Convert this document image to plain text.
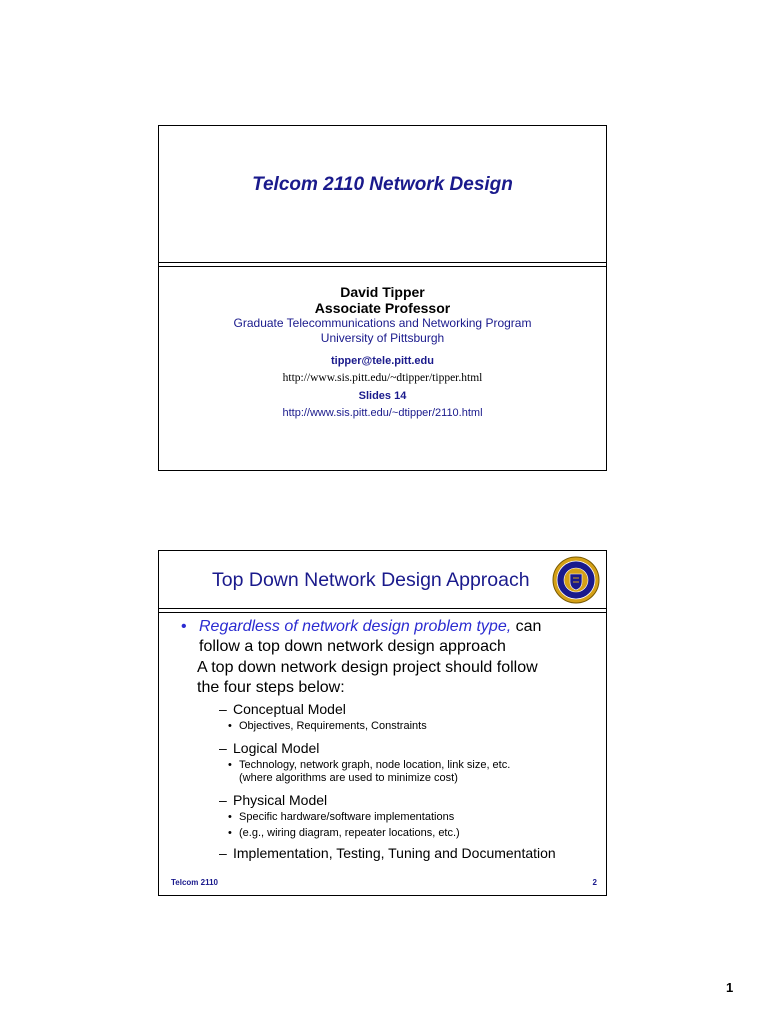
Telcom 2110 Network Design
David Tipper
Associate Professor
Graduate Telecommunications and Networking Program
University of Pittsburgh
tipper@tele.pitt.edu
http://www.sis.pitt.edu/~dtipper/tipper.html
Slides 14
http://www.sis.pitt.edu/~dtipper/2110.html
Top Down Network Design Approach
• Regardless of network design problem type, can
follow a top down network design approach
A top down network design project should follow
the four steps below:
– Conceptual Model
• Objectives, Requirements, Constraints
– Logical Model
• Technology, network graph, node location, link size, etc.
(where algorithms are used to minimize cost)
– Physical Model
• Specific hardware/software implementations
• (e.g., wiring diagram, repeater locations, etc.)
– Implementation, Testing, Tuning and Documentation
Telcom 2110	2
1
